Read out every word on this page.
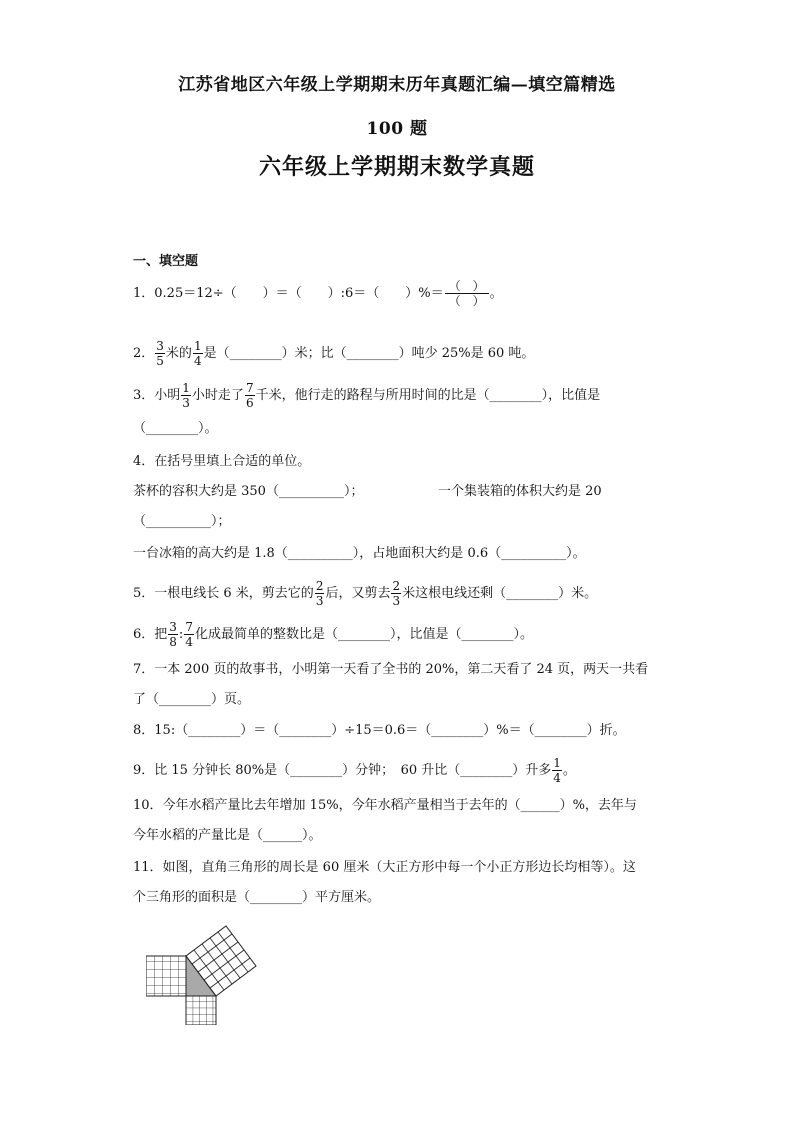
江苏省地区六年级上学期期末历年真题汇编—填空篇精选
100 题
六年级上学期期末数学真题
一、填空题
1．0.25＝12÷（　　）＝（　　）:6＝（　　）%＝ $\frac{( )}{( )}$ 。
2． $\frac{3}{5}$ 米的 $\frac{1}{4}$ 是（________）米；比（________）吨少 25%是 60 吨。
3．小明 $\frac{1}{3}$ 小时走了 $\frac{7}{6}$ 千米，他行走的路程与所用时间的比是（________），比值是
（________）。
4．在括号里填上合适的单位。
茶杯的容积大约是 350（__________）；	一个集装箱的体积大约是 20
（__________）；
一台冰箱的高大约是 1.8（__________），占地面积大约是 0.6（__________）。
5．一根电线长 6 米，剪去它的 $\frac{2}{3}$ 后，又剪去 $\frac{2}{3}$ 米这根电线还剩（________）米。
6．把 $\frac{3}{8}$ : $\frac{7}{4}$ 化成最简单的整数比是（________），比值是（________）。
7．一本 200 页的故事书，小明第一天看了全书的 20%，第二天看了 24 页，两天一共看
了（________）页。
8．15:（________）＝（________）÷15＝0.6＝（________）%＝（________）折。
9．比 15 分钟长 80%是（________）分钟；　60 升比（________）升多 $\frac{1}{4}$ 。
10．今年水稻产量比去年增加 15%，今年水稻产量相当于去年的（______）%，去年与
今年水稻的产量比是（______）。
11．如图，直角三角形的周长是 60 厘米（大正方形中每一个小正方形边长均相等）。这
个三角形的面积是（________）平方厘米。
